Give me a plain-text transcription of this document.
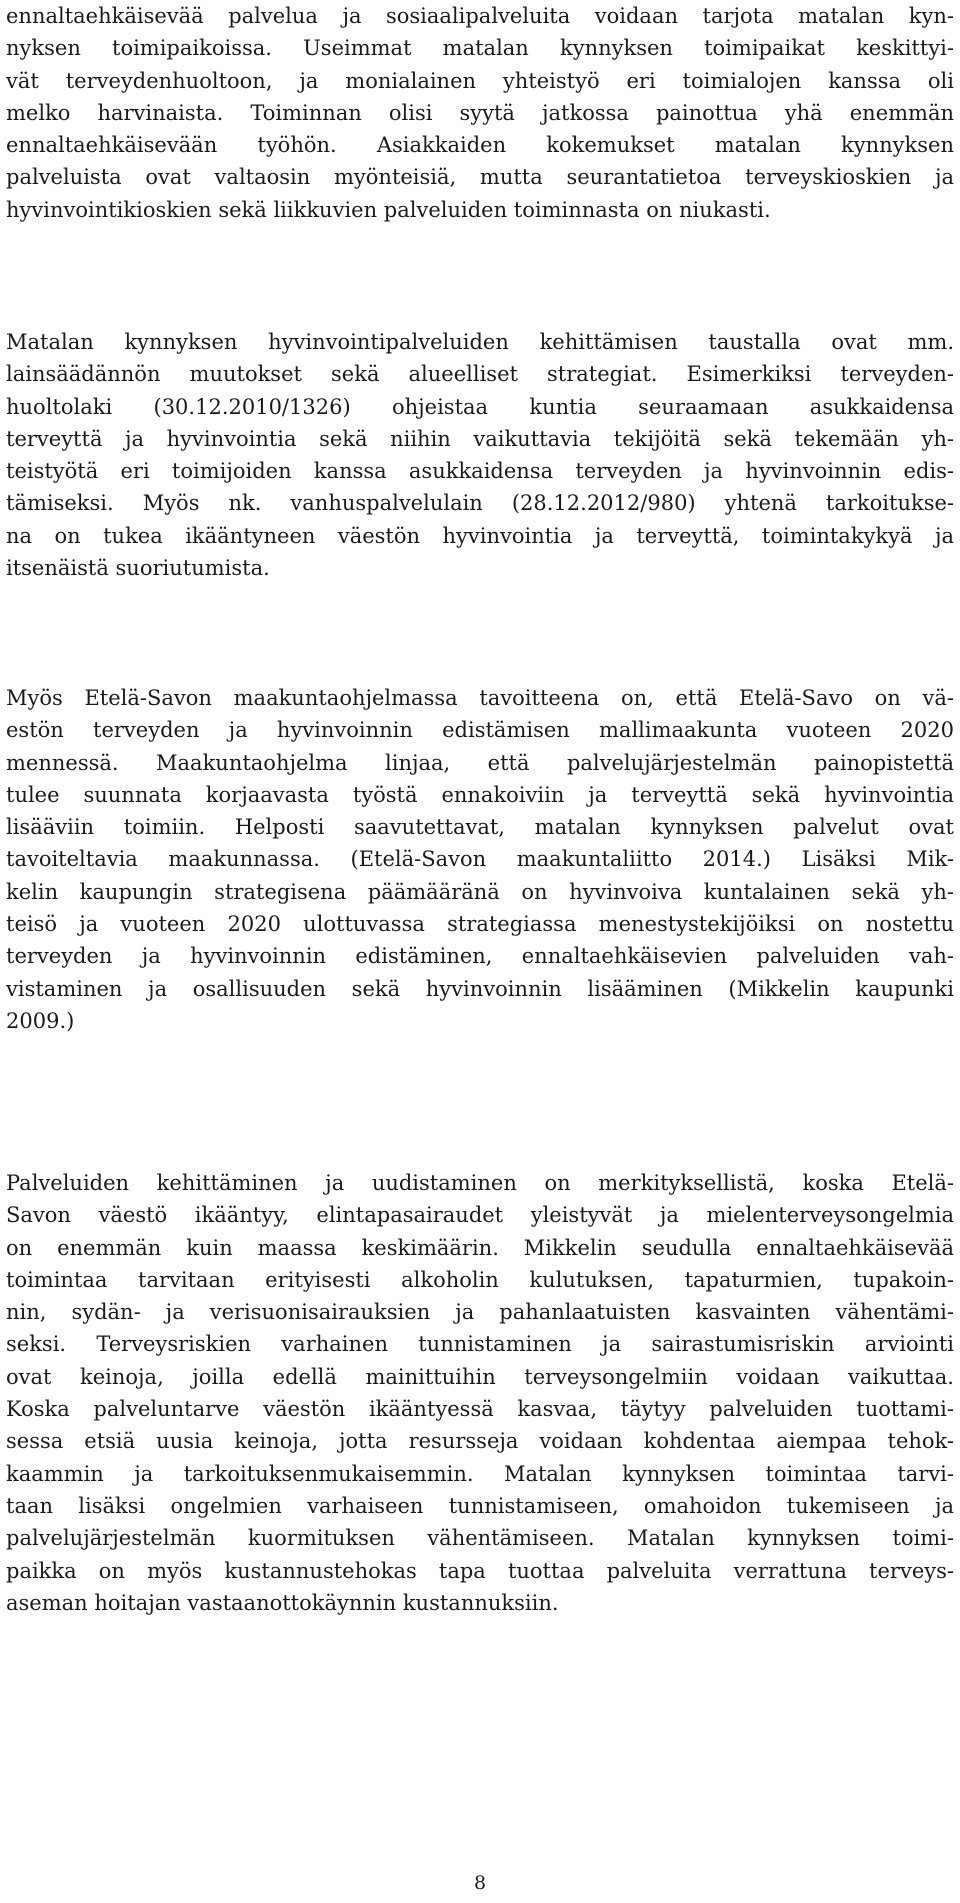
ennaltaehkäisevää palvelua ja sosiaalipalveluita voidaan tarjota matalan kyn-
nyksen toimipaikoissa. Useimmat matalan kynnyksen toimipaikat keskittyi-
vät terveydenhuoltoon, ja monialainen yhteistyö eri toimialojen kanssa oli
melko harvinaista. Toiminnan olisi syytä jatkossa painottua yhä enemmän
ennaltaehkäisevään työhön. Asiakkaiden kokemukset matalan kynnyksen
palveluista ovat valtaosin myönteisiä, mutta seurantatietoa terveyskioskien ja
hyvinvointikioskien sekä liikkuvien palveluiden toiminnasta on niukasti.
Matalan kynnyksen hyvinvointipalveluiden kehittämisen taustalla ovat mm.
lainsäädännön muutokset sekä alueelliset strategiat. Esimerkiksi terveyden-
huoltolaki (30.12.2010/1326) ohjeistaa kuntia seuraamaan asukkaidensa
terveyttä ja hyvinvointia sekä niihin vaikuttavia tekijöitä sekä tekemään yh-
teistyötä eri toimijoiden kanssa asukkaidensa terveyden ja hyvinvoinnin edis-
tämiseksi. Myös nk. vanhuspalvelulain (28.12.2012/980) yhtenä tarkoitukse-
na on tukea ikääntyneen väestön hyvinvointia ja terveyttä, toimintakykyä ja
itsenäistä suoriutumista.
Myös Etelä-Savon maakuntaohjelmassa tavoitteena on, että Etelä-Savo on vä-
estön terveyden ja hyvinvoinnin edistämisen mallimaakunta vuoteen 2020
mennessä. Maakuntaohjelma linjaa, että palvelujärjestelmän painopistettä
tulee suunnata korjaavasta työstä ennakoiviin ja terveyttä sekä hyvinvointia
lisääviin toimiin. Helposti saavutettavat, matalan kynnyksen palvelut ovat
tavoiteltavia maakunnassa. (Etelä-Savon maakuntaliitto 2014.) Lisäksi Mik-
kelin kaupungin strategisena päämääränä on hyvinvoiva kuntalainen sekä yh-
teisö ja vuoteen 2020 ulottuvassa strategiassa menestystekijöiksi on nostettu
terveyden ja hyvinvoinnin edistäminen, ennaltaehkäisevien palveluiden vah-
vistaminen ja osallisuuden sekä hyvinvoinnin lisääminen (Mikkelin kaupunki
2009.)
Palveluiden kehittäminen ja uudistaminen on merkityksellistä, koska Etelä-
Savon väestö ikääntyy, elintapasairaudet yleistyvät ja mielenterveysongelmia
on enemmän kuin maassa keskimäärin. Mikkelin seudulla ennaltaehkäisevää
toimintaa tarvitaan erityisesti alkoholin kulutuksen, tapaturmien, tupakoin-
nin, sydän- ja verisuonisairauksien ja pahanlaatuisten kasvainten vähentämi-
seksi. Terveysriskien varhainen tunnistaminen ja sairastumisriskin arviointi
ovat keinoja, joilla edellä mainittuihin terveysongelmiin voidaan vaikuttaa.
Koska palveluntarve väestön ikääntyessä kasvaa, täytyy palveluiden tuottami-
sessa etsiä uusia keinoja, jotta resursseja voidaan kohdentaa aiempaa tehok-
kaammin ja tarkoituksenmukaisemmin. Matalan kynnyksen toimintaa tarvi-
taan lisäksi ongelmien varhaiseen tunnistamiseen, omahoidon tukemiseen ja
palvelujärjestelmän kuormituksen vähentämiseen. Matalan kynnyksen toimi-
paikka on myös kustannustehokas tapa tuottaa palveluita verrattuna terveys-
aseman hoitajan vastaanottokäynnin kustannuksiin.
8
